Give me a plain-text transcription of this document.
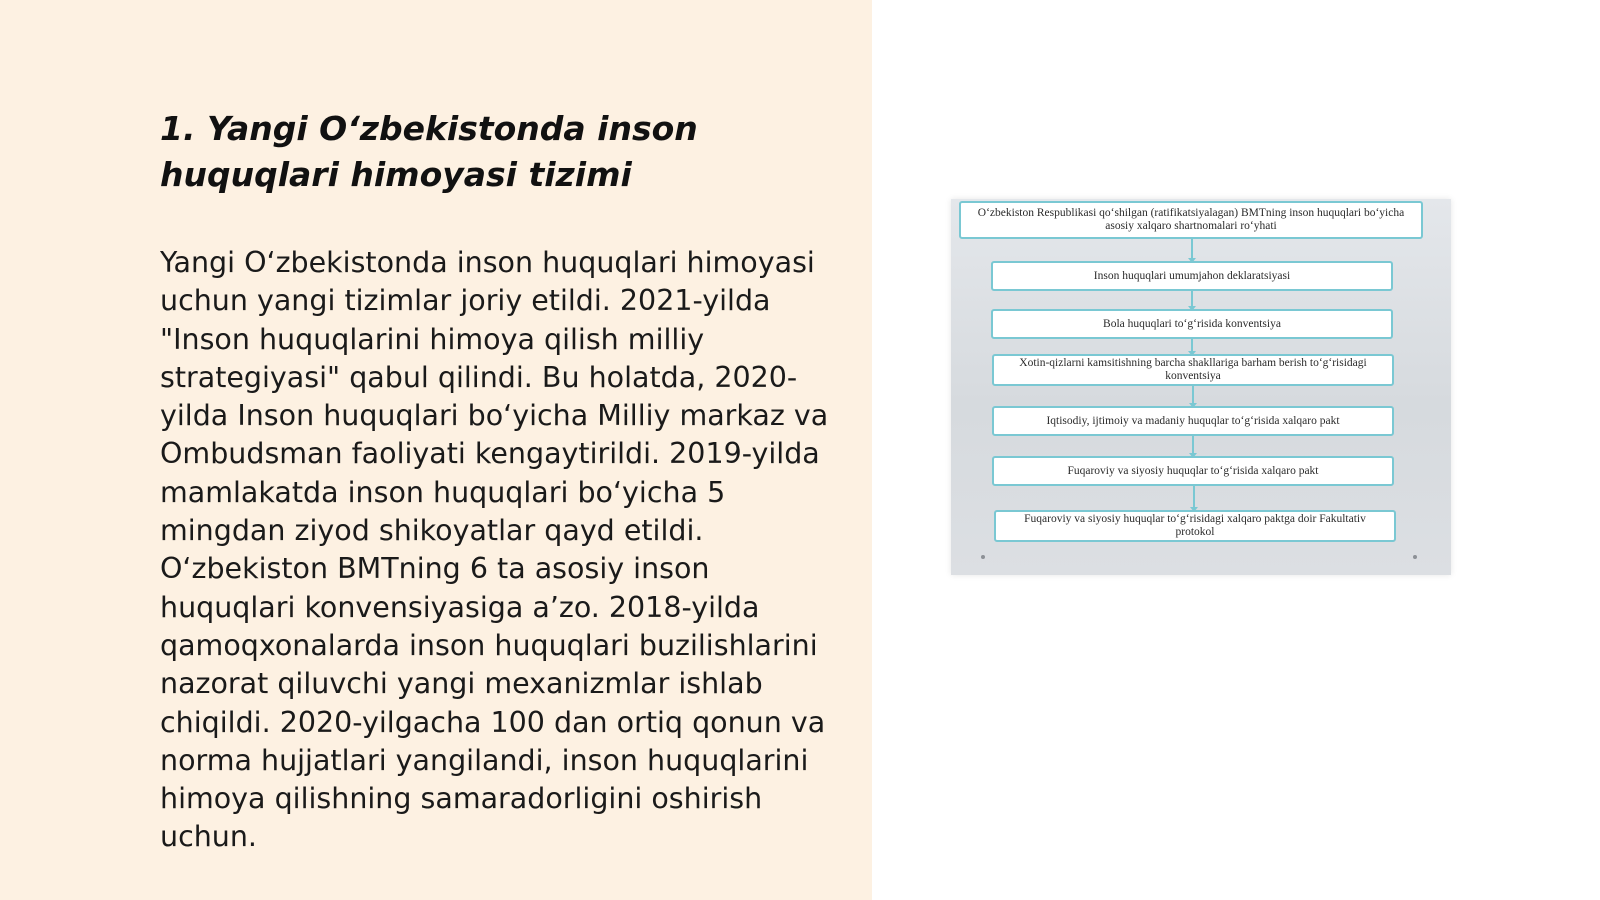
1. Yangi O‘zbekistonda inson huquqlari himoyasi tizimi

Yangi O‘zbekistonda inson huquqlari himoyasi uchun yangi tizimlar joriy etildi. 2021-yilda "Inson huquqlarini himoya qilish milliy strategiyasi" qabul qilindi. Bu holatda, 2020-yilda Inson huquqlari bo‘yicha Milliy markaz va Ombudsman faoliyati kengaytirildi. 2019-yilda mamlakatda inson huquqlari bo‘yicha 5 mingdan ziyod shikoyatlar qayd etildi. O‘zbekiston BMTning 6 ta asosiy inson huquqlari konvensiyasiga a’zo. 2018-yilda qamoqxonalarda inson huquqlari buzilishlarini nazorat qiluvchi yangi mexanizmlar ishlab chiqildi. 2020-yilgacha 100 dan ortiq qonun va norma hujjatlari yangilandi, inson huquqlarini himoya qilishning samaradorligini oshirish uchun.

O‘zbekiston Respublikasi qo‘shilgan (ratifikatsiyalagan) BMTning inson huquqlari bo‘yicha asosiy xalqaro shartnomalari ro‘yhati
Inson huquqlari umumjahon deklaratsiyasi
Bola huquqlari to‘g‘risida konventsiya
Xotin-qizlarni kamsitishning barcha shakllariga barham berish to‘g‘risidagi konventsiya
Iqtisodiy, ijtimoiy va madaniy huquqlar to‘g‘risida xalqaro pakt
Fuqaroviy va siyosiy huquqlar to‘g‘risida xalqaro pakt
Fuqaroviy va siyosiy huquqlar to‘g‘risidagi xalqaro paktga doir Fakultativ protokol
